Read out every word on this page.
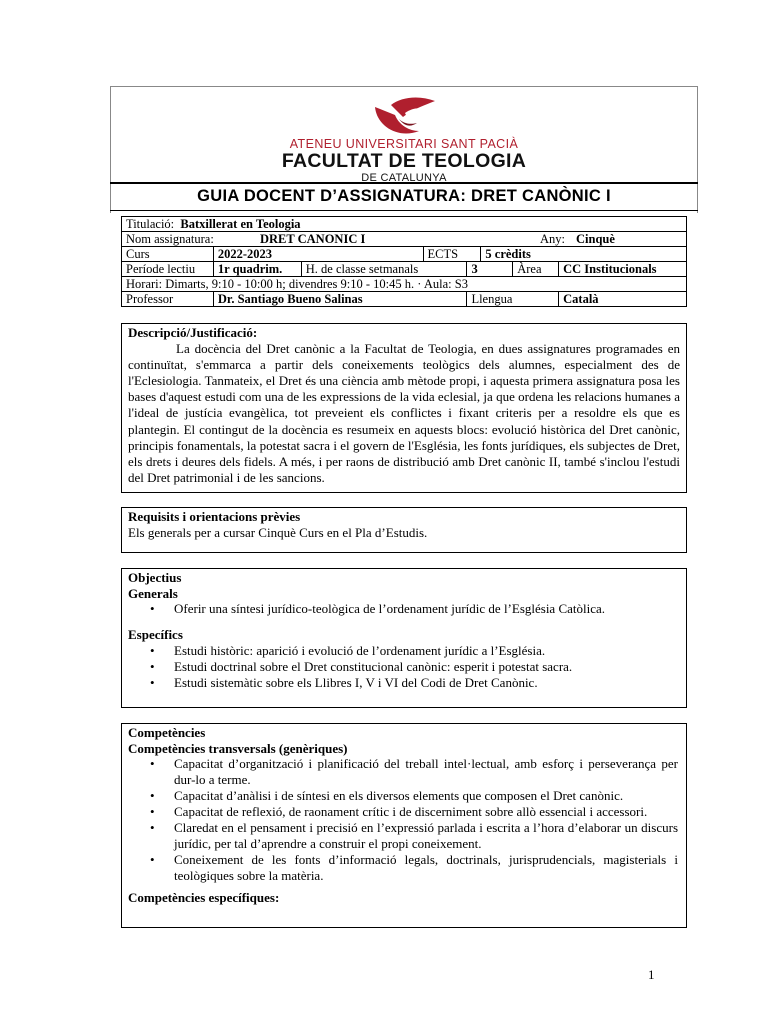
ATENEU UNIVERSITARI SANT PACIÀ
FACULTAT DE TEOLOGIA
DE CATALUNYA
GUIA DOCENT D’ASSIGNATURA: DRET CANÒNIC I
Titulació: Batxillerat en Teologia							
Nom assignatura: DRET CANONIC I Any: Cinquè							

Curs	2022-2023		ECTS		5 crèdits		
Període lectiu	1r quadrim.	H. de classe setmanals		3		Àrea	CC Institucionals
Horari: Dimarts, 9:10 - 10:00 h; divendres 9:10 - 10:45 h. · Aula: S3							
Professor	Dr. Santiago Bueno Salinas			Llengua			Català
Descripció/Justificació:
La docència del Dret canònic a la Facultat de Teologia, en dues assignatures programades en continuïtat, s'emmarca a partir dels coneixements teològics dels alumnes, especialment des de l'Eclesiologia. Tanmateix, el Dret és una ciència amb mètode propi, i aquesta primera assignatura posa les bases d'aquest estudi com una de les expressions de la vida eclesial, ja que ordena les relacions humanes a l'ideal de justícia evangèlica, tot preveient els conflictes i fixant criteris per a resoldre els que es plantegin. El contingut de la docència es resumeix en aquests blocs: evolució històrica del Dret canònic, principis fonamentals, la potestat sacra i el govern de l'Església, les fonts jurídiques, els subjectes de Dret, els drets i deures dels fidels. A més, i per raons de distribució amb Dret canònic II, també s'inclou l'estudi del Dret patrimonial i de les sancions.
Requisits i orientacions prèvies
Els generals per a cursar Cinquè Curs en el Pla d’Estudis.
Objectius
Generals
• Oferir una síntesi jurídico-teològica de l’ordenament jurídic de l’Església Catòlica.
Específics
• Estudi històric: aparició i evolució de l’ordenament jurídic a l’Església.
• Estudi doctrinal sobre el Dret constitucional canònic: esperit i potestat sacra.
• Estudi sistemàtic sobre els Llibres I, V i VI del Codi de Dret Canònic.
Competències
Competències transversals (genèriques)
• Capacitat d’organització i planificació del treball intel·lectual, amb esforç i perseverança per dur-lo a terme.
• Capacitat d’anàlisi i de síntesi en els diversos elements que composen el Dret canònic.
• Capacitat de reflexió, de raonament crític i de discerniment sobre allò essencial i accessori.
• Claredat en el pensament i precisió en l’expressió parlada i escrita a l’hora d’elaborar un discurs jurídic, per tal d’aprendre a construir el propi coneixement.
• Coneixement de les fonts d’informació legals, doctrinals, jurisprudencials, magisterials i teològiques sobre la matèria.
Competències específiques:
1
